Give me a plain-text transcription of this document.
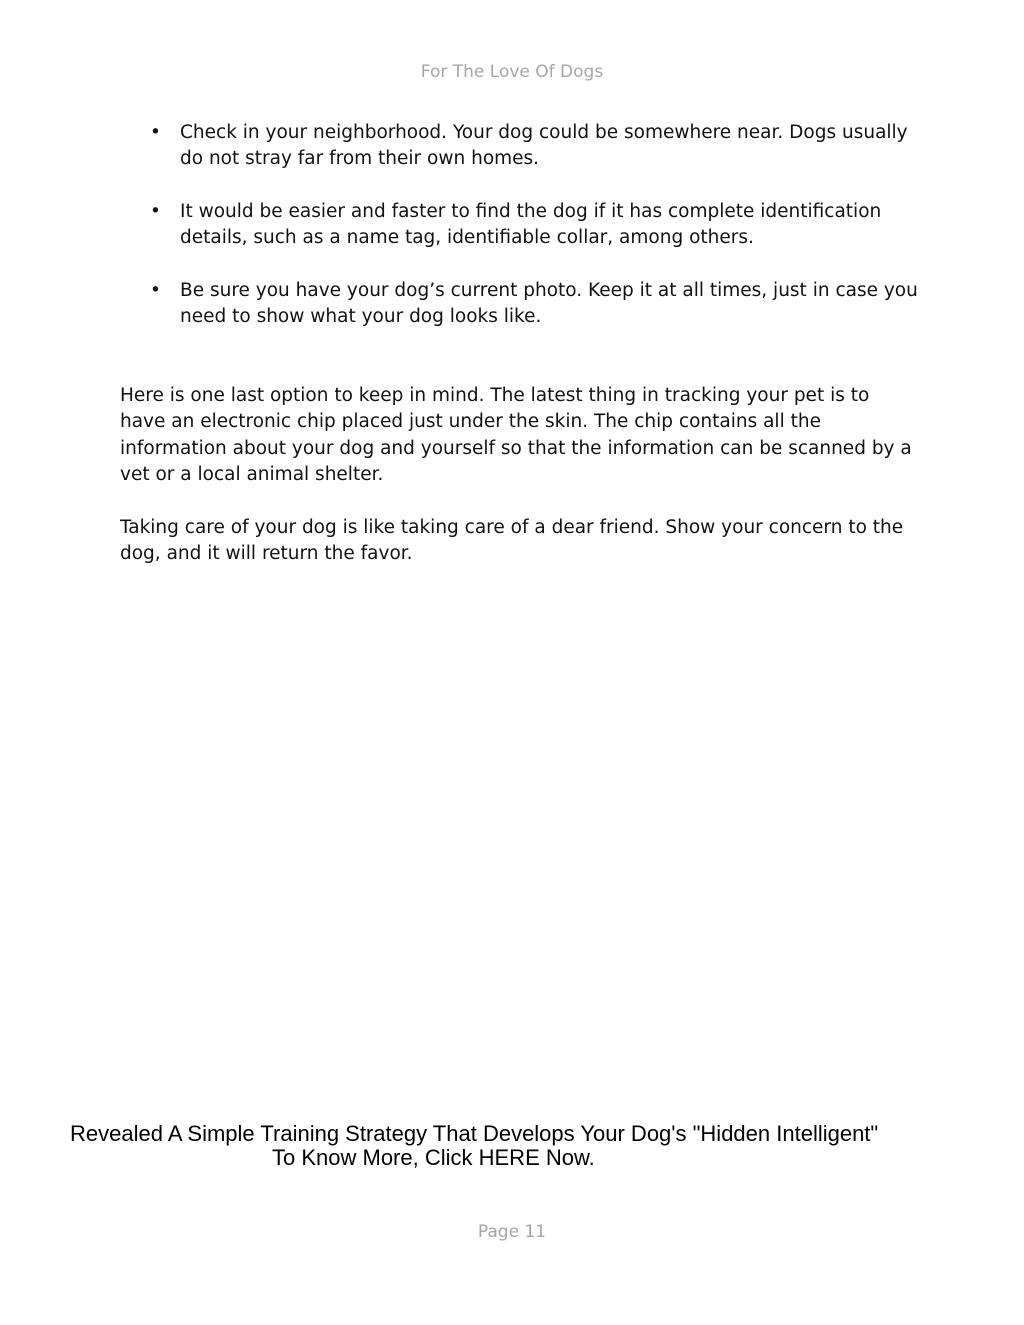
For The Love Of Dogs
• Check in your neighborhood. Your dog could be somewhere near. Dogs usually do not stray far from their own homes.
• It would be easier and faster to find the dog if it has complete identification details, such as a name tag, identifiable collar, among others.
• Be sure you have your dog’s current photo. Keep it at all times, just in case you need to show what your dog looks like.

Here is one last option to keep in mind. The latest thing in tracking your pet is to have an electronic chip placed just under the skin. The chip contains all the information about your dog and yourself so that the information can be scanned by a vet or a local animal shelter.

Taking care of your dog is like taking care of a dear friend. Show your concern to the dog, and it will return the favor.

Revealed A Simple Training Strategy That Develops Your Dog's "Hidden Intelligent"
To Know More, Click HERE Now.
Page 11
